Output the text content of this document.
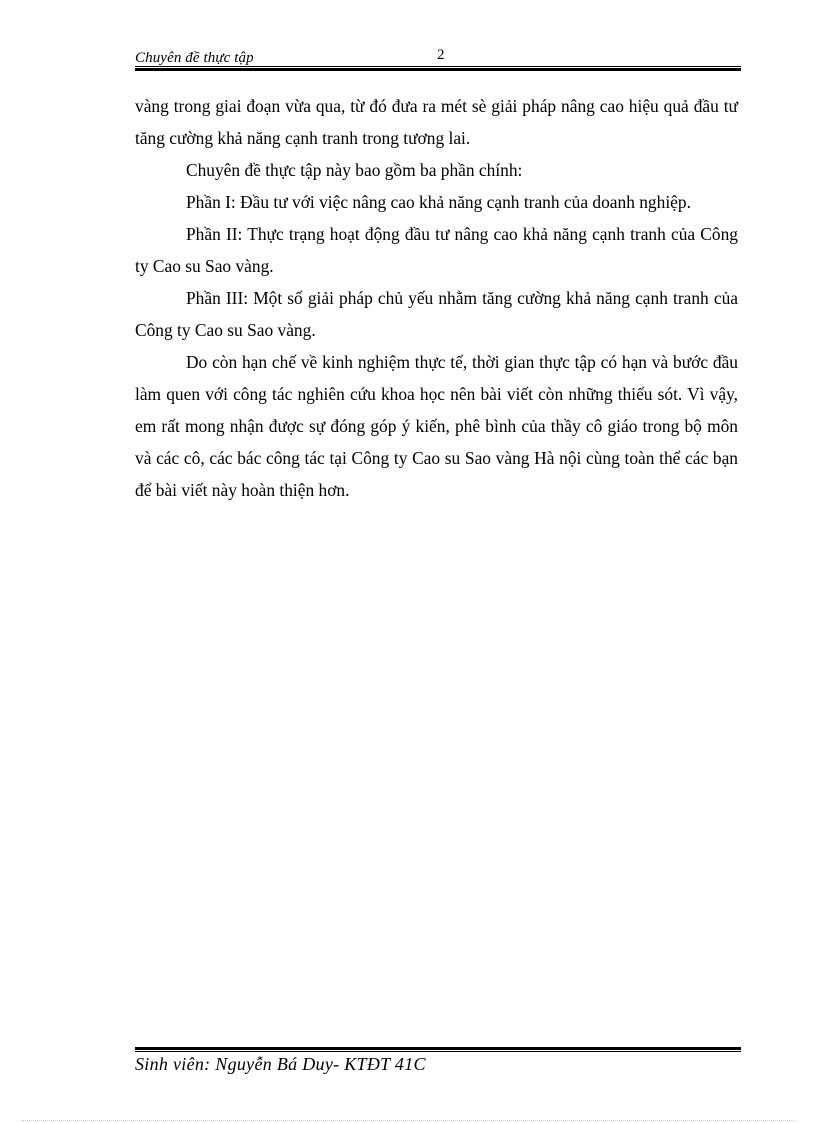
Chuyên đề thực tập	2

vàng trong giai đoạn vừa qua, từ đó đưa ra mét sè giải pháp nâng cao hiệu quả đầu tư tăng cường khả năng cạnh tranh trong tương lai.

Chuyên đề thực tập này bao gồm ba phần chính:

Phần I: Đầu tư với việc nâng cao khả năng cạnh tranh của doanh nghiệp.

Phần II: Thực trạng hoạt động đầu tư nâng cao khả năng cạnh tranh của Công ty Cao su Sao vàng.

Phần III: Một số giải pháp chủ yếu nhằm tăng cường khả năng cạnh tranh của Công ty Cao su Sao vàng.

Do còn hạn chế về kinh nghiệm thực tế, thời gian thực tập có hạn và bước đầu làm quen với công tác nghiên cứu khoa học nên bài viết còn những thiếu sót. Vì vậy, em rất mong nhận được sự đóng góp ý kiến, phê bình của thầy cô giáo trong bộ môn và các cô, các bác công tác tại Công ty Cao su Sao vàng Hà nội cùng toàn thể các bạn để bài viết này hoàn thiện hơn.

Sinh viên: Nguyễn Bá Duy- KTĐT 41C
